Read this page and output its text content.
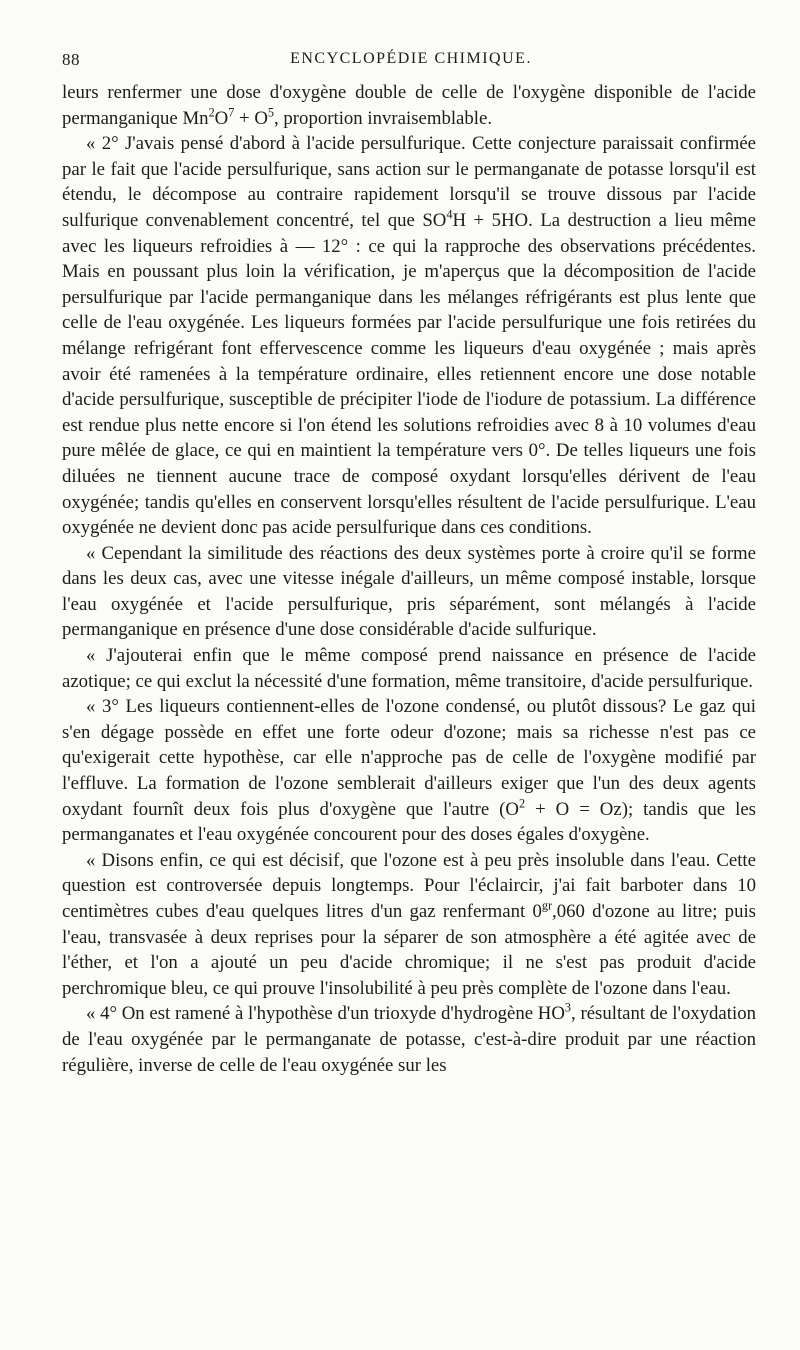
88	ENCYCLOPÉDIE CHIMIQUE.

leurs renfermer une dose d'oxygène double de celle de l'oxygène disponible de l'acide permanganique $Mn^2O^7 + O^5$, proportion invraisemblable.

« 2° J'avais pensé d'abord à l'acide persulfurique. Cette conjecture paraissait confirmée par le fait que l'acide persulfurique, sans action sur le permanganate de potasse lorsqu'il est étendu, le décompose au contraire rapidement lorsqu'il se trouve dissous par l'acide sulfurique convenablement concentré, tel que $SO^4H + 5HO$. La destruction a lieu même avec les liqueurs refroidies à — 12° : ce qui la rapproche des observations précédentes. Mais en poussant plus loin la vérification, je m'aperçus que la décomposition de l'acide persulfurique par l'acide permanganique dans les mélanges réfrigérants est plus lente que celle de l'eau oxygénée. Les liqueurs formées par l'acide persulfurique une fois retirées du mélange refrigérant font effervescence comme les liqueurs d'eau oxygénée ; mais après avoir été ramenées à la température ordinaire, elles retiennent encore une dose notable d'acide persulfurique, susceptible de précipiter l'iode de l'iodure de potassium. La différence est rendue plus nette encore si l'on étend les solutions refroidies avec 8 à 10 volumes d'eau pure mêlée de glace, ce qui en maintient la température vers 0°. De telles liqueurs une fois diluées ne tiennent aucune trace de composé oxydant lorsqu'elles dérivent de l'eau oxygénée; tandis qu'elles en conservent lorsqu'elles résultent de l'acide persulfurique. L'eau oxygénée ne devient donc pas acide persulfurique dans ces conditions.

« Cependant la similitude des réactions des deux systèmes porte à croire qu'il se forme dans les deux cas, avec une vitesse inégale d'ailleurs, un même composé instable, lorsque l'eau oxygénée et l'acide persulfurique, pris séparément, sont mélangés à l'acide permanganique en présence d'une dose considérable d'acide sulfurique.

« J'ajouterai enfin que le même composé prend naissance en présence de l'acide azotique; ce qui exclut la nécessité d'une formation, même transitoire, d'acide persulfurique.

« 3° Les liqueurs contiennent-elles de l'ozone condensé, ou plutôt dissous? Le gaz qui s'en dégage possède en effet une forte odeur d'ozone; mais sa richesse n'est pas ce qu'exigerait cette hypothèse, car elle n'approche pas de celle de l'oxygène modifié par l'effluve. La formation de l'ozone semblerait d'ailleurs exiger que l'un des deux agents oxydant fournît deux fois plus d'oxygène que l'autre $(O^2 + O = Oz)$; tandis que les permanganates et l'eau oxygénée concourent pour des doses égales d'oxygène.

« Disons enfin, ce qui est décisif, que l'ozone est à peu près insoluble dans l'eau. Cette question est controversée depuis longtemps. Pour l'éclaircir, j'ai fait barboter dans 10 centimètres cubes d'eau quelques litres d'un gaz renfermant $0^{gr},060$ d'ozone au litre; puis l'eau, transvasée à deux reprises pour la séparer de son atmosphère a été agitée avec de l'éther, et l'on a ajouté un peu d'acide chromique; il ne s'est pas produit d'acide perchromique bleu, ce qui prouve l'insolubilité à peu près complète de l'ozone dans l'eau.

« 4° On est ramené à l'hypothèse d'un trioxyde d'hydrogène $HO^3$, résultant de l'oxydation de l'eau oxygénée par le permanganate de potasse, c'est-à-dire produit par une réaction régulière, inverse de celle de l'eau oxygénée sur les
